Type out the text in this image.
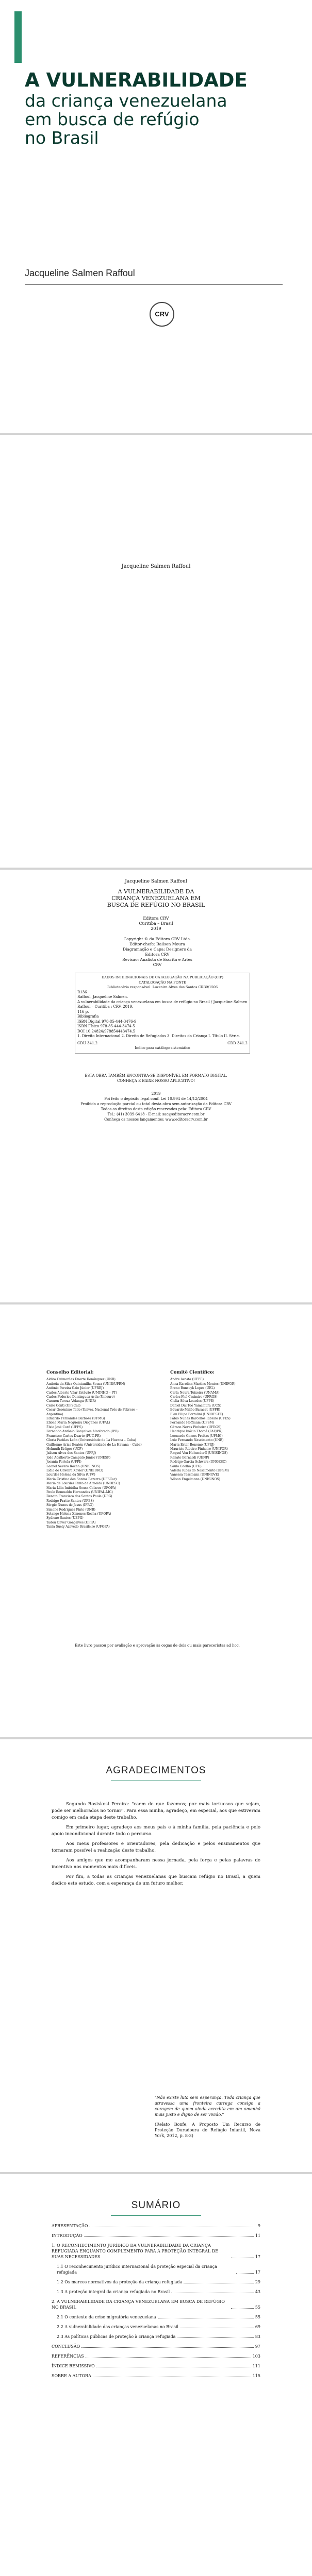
A VULNERABILIDADE
da criança venezuelana
em busca de refúgio
no Brasil
Jacqueline Salmen Raffoul
CRV
Jacqueline Salmen Raffoul
Jacqueline Salmen Raffoul
A VULNERABILIDADE DA
CRIANÇA VENEZUELANA EM
BUSCA DE REFÚGIO NO BRASIL
Editora CRV
Curitiba – Brasil
2019
Copyright © da Editora CRV Ltda.
Editor-chefe: Railson Moura
Diagramação e Capa: Designers da Editora CRV
Revisão: Analista de Escrita e Artes CRV
DADOS INTERNACIONAIS DE CATALOGAÇÃO NA PUBLICAÇÃO (CIP)
CATALOGAÇÃO NA FONTE
Bibliotecária responsável: Luzenira Alves dos Santos CRB9/1506
R136
Raffoul, Jacqueline Salmen.
A vulnerabilidade da criança venezuelana em busca de refúgio no Brasil / Jacqueline Salmen Raffoul – Curitiba : CRV, 2019.
116 p.
Bibliografia
ISBN Digital 978-85-444-3476-9
ISBN Físico 978-85-444-3474-5
DOI 10.24824/978854443474.5
1. Direito Internacional 2. Direito de Refugiados 3. Direitos da Criança I. Título II. Série.
CDU 341.2	CDD 341.2
Índice para catálogo sistemático
ESTA OBRA TAMBÉM ENCONTRA-SE DISPONÍVEL EM FORMATO DIGITAL.
CONHEÇA E BAIXE NOSSO APLICATIVO!
2019
Foi feito o depósito legal conf. Lei 10.994 de 14/12/2004
Proibida a reprodução parcial ou total desta obra sem autorização da Editora CRV
Todos os direitos desta edição reservados pela: Editora CRV
Tel.: (41) 3039-6418 - E-mail: sac@editoracrv.com.br
Conheça os nossos lançamentos: www.editoracrv.com.br
Conselho Editorial:
Aldira Guimarães Duarte Domínguez (UNB)
Andréia da Silva Quintanilha Sousa (UNIR/UFRN)
Antônio Pereira Gaio Júnior (UFRRJ)
Carlos Alberto Vilar Estêvão (UMINHO – PT)
Carlos Federico Dominguez Avila (Unieuro)
Carmen Tereza Velanga (UNIR)
Celso Conti (UFSCar)
Cesar Gerónimo Tello (Univer. Nacional Três de Febrero – Argentina)
Eduardo Fernandes Barbosa (UFMG)
Elione Maria Nogueira Diogenes (UFAL)
Élsio José Corá (UFFS)
Fernando Antônio Gonçalves Alcoforado (IPB)
Francisco Carlos Duarte (PUC-PR)
Gloria Fariñas León (Universidade de La Havana – Cuba)
Guillermo Arias Beatón (Universidade de La Havana – Cuba)
Helmuth Krüger (UCP)
Jailson Alves dos Santos (UFRJ)
João Adalberto Campato Junior (UNESP)
Josania Portela (UFPI)
Leonel Severo Rocha (UNISINOS)
Lídia de Oliveira Xavier (UNIEURO)
Lourdes Helena da Silva (UFV)
Maria Cristina dos Santos Bezerra (UFSCar)
Maria de Lourdes Pinto de Almeida (UNOESC)
Maria Lília Imbiriba Sousa Colares (UFOPA)
Paulo Romualdo Hernandes (UNIFAL-MG)
Renato Francisco dos Santos Paula (UFG)
Rodrigo Pratte-Santos (UFES)
Sérgio Nunes de Jesus (IFRO)
Simone Rodrigues Pinto (UNB)
Solange Helena Ximenes-Rocha (UFOPA)
Sydione Santos (UEPG)
Tadeu Oliver Gonçalves (UFPA)
Tania Suely Azevedo Brasileiro (UFOPA)
Comitê Científico:
Andre Acosta (UFPE)
Anna Karolina Martins Montes (UNIFOR)
Breno Bunsuyk Lopes (UEL)
Carla Noura Teixeira (UNAMA)
Carlos Fiol Casimiro (UFRGS)
Clelia Silva Lourdes (UFPE)
Daniel Dal Toé Yamamura (UCS)
Eduardo Milléo Baracat (UFPR)
Elan Filipe Bortolini (UNIOESTE)
Fábio Nunes Barcellos Ribeiro (UFES)
Fernando Hoffmam (UFSM)
Gérson Neves Pinheiro (UFRGS)
Henrique Inácio Thomé (FAE/PR)
Leonardo Gomes Freitas (UFMG)
Luiz Fernando Nascimento (UNB)
Maria Ester Bonomo (UFRJ)
Mauricio Ribeiro Pinheiro (UNIFOR)
Raquel Von Hohendorff (UNISINOS)
Renato Bernardi (UENP)
Rodrigo Garcia Schwarz (UNOESC)
Saulo Coelho (UFG)
Valéria Ribas do Nascimento (UFSM)
Vanessa Tessmann (UNINOVE)
Wilson Engelmann (UNISINOS)
Este livro passou por avaliação e aprovação às cegas de dois ou mais pareceristas ad hoc.
AGRADECIMENTOS

Segundo Rosiskosl Pereira: "caem de que fazemos; por mais tortuosos que sejam, pode ser melhorados no tornar". Para essa minha, agradeço, em especial, aos que estiveram comigo em cada etapa deste trabalho.

Em primeiro lugar, agradeço aos meus pais e à minha família, pela paciência e pelo apoio incondicional durante todo o percurso.

Aos meus professores e orientadores, pela dedicação e pelos ensinamentos que tornaram possível a realização deste trabalho.

Aos amigos que me acompanharam nessa jornada, pela força e pelas palavras de incentivo nos momentos mais difíceis.

Por fim, a todas as crianças venezuelanas que buscam refúgio no Brasil, a quem dedico este estudo, com a esperança de um futuro melhor.

"Não existe luta sem esperança. Toda criança que atravessa uma fronteira carrega consigo a coragem de quem ainda acredita em um amanhã mais justo e digno de ser vivido."
(Relato Bonfe, A Proposto Um Recurso de Proteção Duradoura de Refúgio Infantil, Nova York, 2012, p. 8-3)
SUMÁRIO
APRESENTAÇÃO	9
INTRODUÇÃO	11
1. O RECONHECIMENTO JURÍDICO DA VULNERABILIDADE DA CRIANÇA REFUGIADA ENQUANTO COMPLEMENTO PARA A PROTEÇÃO INTEGRAL DE SUAS NECESSIDADES	17
1.1 O reconhecimento jurídico internacional da proteção especial da criança refugiada	17
1.2 Os marcos normativos da proteção da criança refugiada	29
1.3 A proteção integral da criança refugiada no Brasil	43
2. A VULNERABILIDADE DA CRIANÇA VENEZUELANA EM BUSCA DE REFÚGIO NO BRASIL	55
2.1 O contexto da crise migratória venezuelana	55
2.2 A vulnerabilidade das crianças venezuelanas no Brasil	69
2.3 As políticas públicas de proteção à criança refugiada	83
CONCLUSÃO	97
REFERÊNCIAS	103
ÍNDICE REMISSIVO	111
SOBRE A AUTORA	115
